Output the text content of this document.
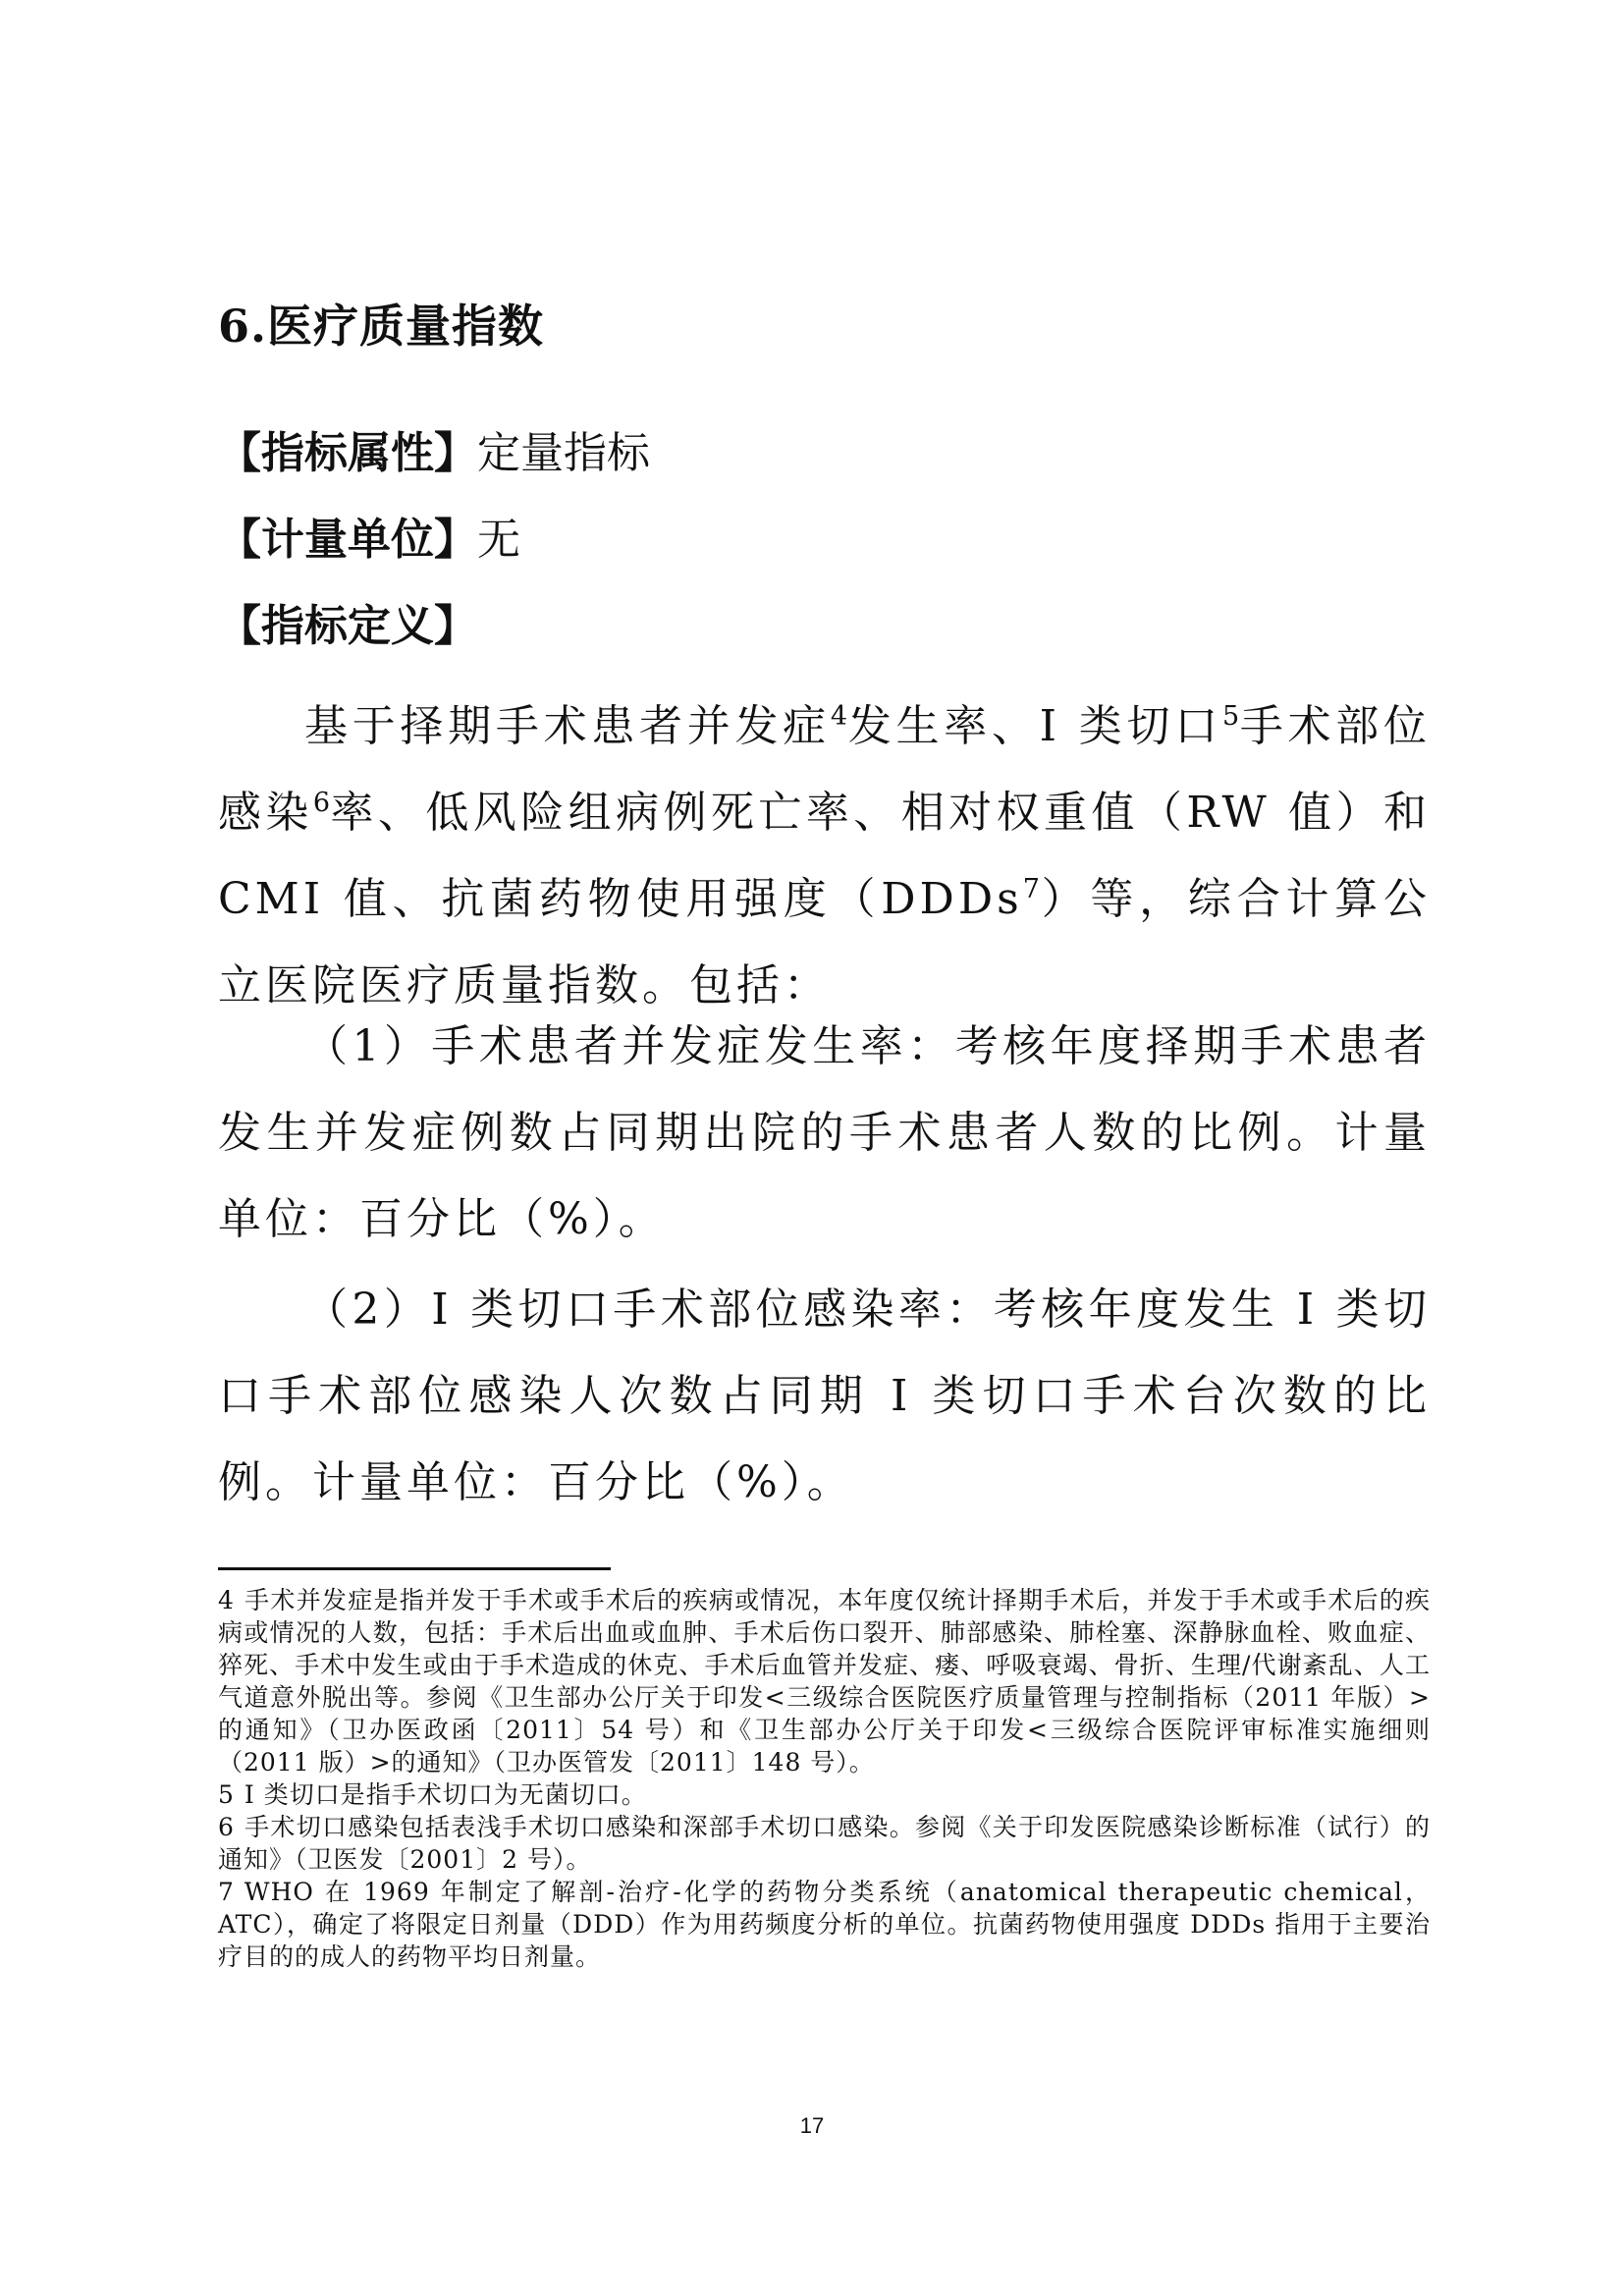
6.医疗质量指数

【指标属性】定量指标

【计量单位】无

【指标定义】

基于择期手术患者并发症$^4$发生率、I 类切口$^5$手术部位感染$^6$率、低风险组病例死亡率、相对权重值（RW 值）和 CMI 值、抗菌药物使用强度（DDDs$^7$）等，综合计算公立医院医疗质量指数。包括：

（1）手术患者并发症发生率：考核年度择期手术患者发生并发症例数占同期出院的手术患者人数的比例。计量单位：百分比（%）。

（2）I 类切口手术部位感染率：考核年度发生 I 类切口手术部位感染人次数占同期 I 类切口手术台次数的比例。计量单位：百分比（%）。

4 手术并发症是指并发于手术或手术后的疾病或情况，本年度仅统计择期手术后，并发于手术或手术后的疾病或情况的人数，包括：手术后出血或血肿、手术后伤口裂开、肺部感染、肺栓塞、深静脉血栓、败血症、猝死、手术中发生或由于手术造成的休克、手术后血管并发症、瘘、呼吸衰竭、骨折、生理/代谢紊乱、人工气道意外脱出等。参阅《卫生部办公厅关于印发<三级综合医院医疗质量管理与控制指标（2011 年版）>的通知》（卫办医政函〔2011〕54 号）和《卫生部办公厅关于印发<三级综合医院评审标准实施细则（2011 版）>的通知》（卫办医管发〔2011〕148 号）。

5 I 类切口是指手术切口为无菌切口。

6 手术切口感染包括表浅手术切口感染和深部手术切口感染。参阅《关于印发医院感染诊断标准（试行）的通知》（卫医发〔2001〕2 号）。

7 WHO 在 1969 年制定了解剖-治疗-化学的药物分类系统（anatomical therapeutic chemical，ATC），确定了将限定日剂量（DDD）作为用药频度分析的单位。抗菌药物使用强度 DDDs 指用于主要治疗目的的成人的药物平均日剂量。

17
